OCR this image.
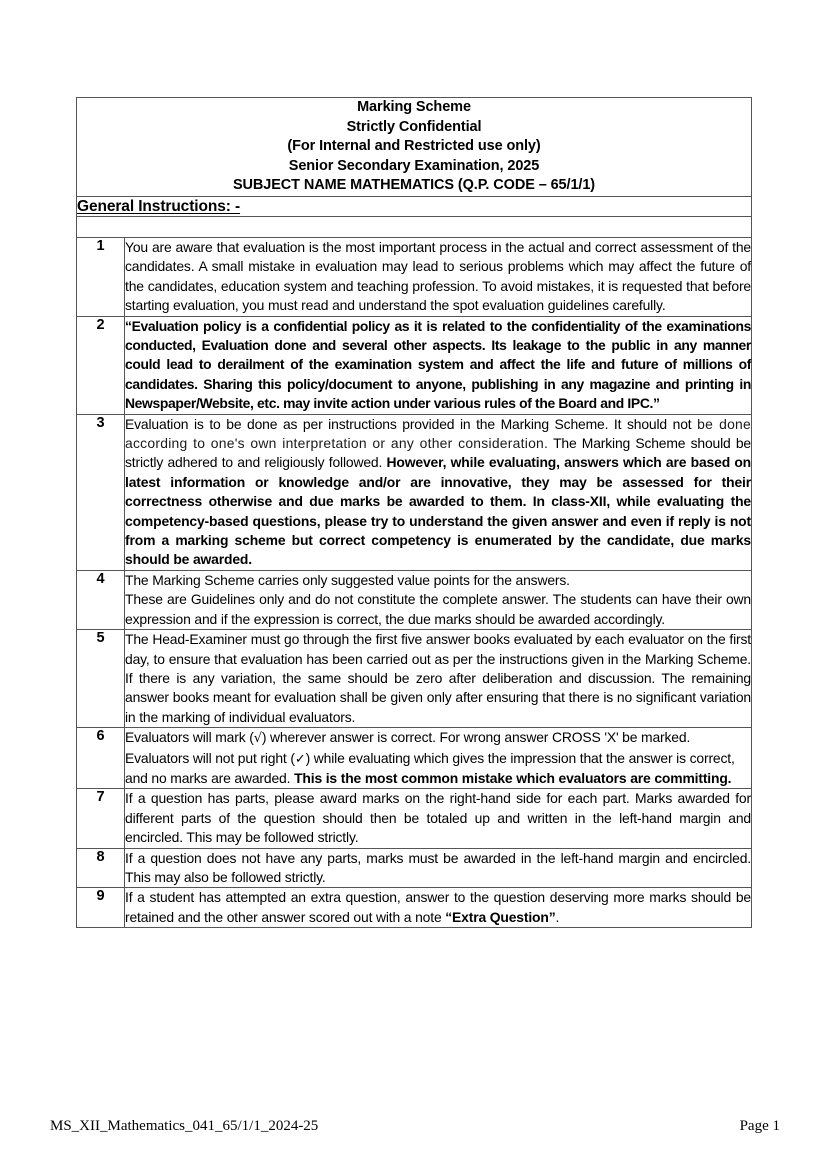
Marking Scheme
Strictly Confidential
(For Internal and Restricted use only)
Senior Secondary Examination, 2025
SUBJECT NAME MATHEMATICS (Q.P. CODE – 65/1/1)	

General Instructions: -	

1	You are aware that evaluation is the most important process in the actual and correct assessment of the candidates. A small mistake in evaluation may lead to serious problems which may affect the future of the candidates, education system and teaching profession. To avoid mistakes, it is requested that before starting evaluation, you must read and understand the spot evaluation guidelines carefully.

2	“Evaluation policy is a confidential policy as it is related to the confidentiality of the examinations conducted, Evaluation done and several other aspects. Its leakage to the public in any manner could lead to derailment of the examination system and affect the life and future of millions of candidates. Sharing this policy/document to anyone, publishing in any magazine and printing in Newspaper/Website, etc. may invite action under various rules of the Board and IPC.”

3	Evaluation is to be done as per instructions provided in the Marking Scheme. It should not be done according to one's own interpretation or any other consideration. The Marking Scheme should be strictly adhered to and religiously followed. However, while evaluating, answers which are based on latest information or knowledge and/or are innovative, they may be assessed for their correctness otherwise and due marks be awarded to them. In class-XII, while evaluating the competency-based questions, please try to understand the given answer and even if reply is not from a marking scheme but correct competency is enumerated by the candidate, due marks should be awarded.

4	The Marking Scheme carries only suggested value points for the answers.

These are Guidelines only and do not constitute the complete answer. The students can have their own expression and if the expression is correct, the due marks should be awarded accordingly.

5	The Head-Examiner must go through the first five answer books evaluated by each evaluator on the first day, to ensure that evaluation has been carried out as per the instructions given in the Marking Scheme. If there is any variation, the same should be zero after deliberation and discussion. The remaining answer books meant for evaluation shall be given only after ensuring that there is no significant variation in the marking of individual evaluators.

6	Evaluators will mark (√) wherever answer is correct. For wrong answer CROSS 'X' be marked. Evaluators will not put right (✓) while evaluating which gives the impression that the answer is correct, and no marks are awarded. This is the most common mistake which evaluators are committing.

7	If a question has parts, please award marks on the right-hand side for each part. Marks awarded for different parts of the question should then be totaled up and written in the left-hand margin and encircled. This may be followed strictly.

8	If a question does not have any parts, marks must be awarded in the left-hand margin and encircled. This may also be followed strictly.

9	If a student has attempted an extra question, answer to the question deserving more marks should be retained and the other answer scored out with a note “Extra Question”.

MS_XII_Mathematics_041_65/1/1_2024-25	Page 1
